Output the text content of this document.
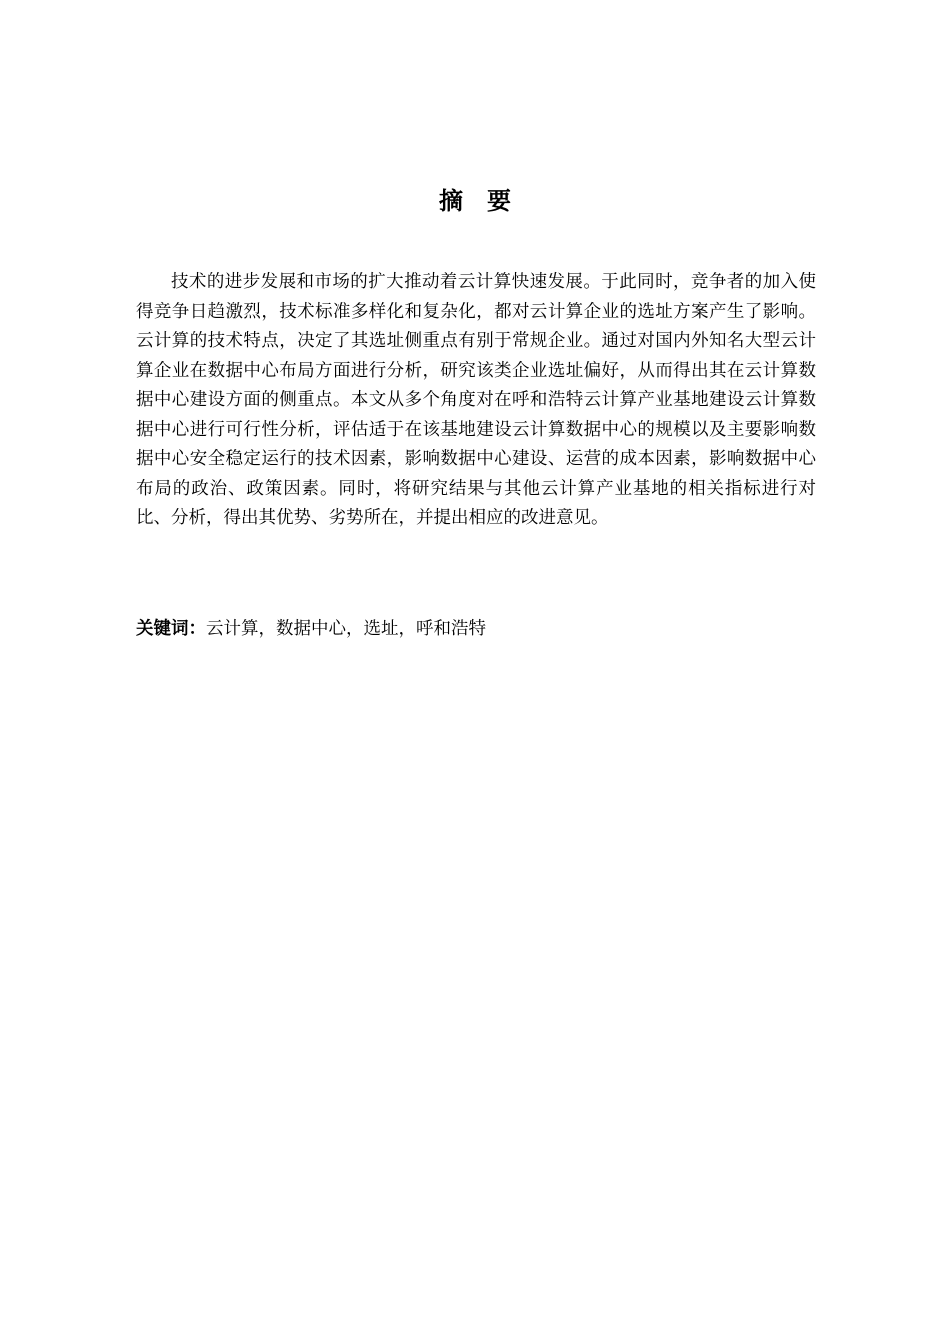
摘　要

技术的进步发展和市场的扩大推动着云计算快速发展。于此同时，竞争者的加入使得竞争日趋激烈，技术标准多样化和复杂化，都对云计算企业的选址方案产生了影响。云计算的技术特点，决定了其选址侧重点有别于常规企业。通过对国内外知名大型云计算企业在数据中心布局方面进行分析，研究该类企业选址偏好，从而得出其在云计算数据中心建设方面的侧重点。本文从多个角度对在呼和浩特云计算产业基地建设云计算数据中心进行可行性分析，评估适于在该基地建设云计算数据中心的规模以及主要影响数据中心安全稳定运行的技术因素，影响数据中心建设、运营的成本因素，影响数据中心布局的政治、政策因素。同时，将研究结果与其他云计算产业基地的相关指标进行对比、分析，得出其优势、劣势所在，并提出相应的改进意见。

关键词：云计算，数据中心，选址，呼和浩特
